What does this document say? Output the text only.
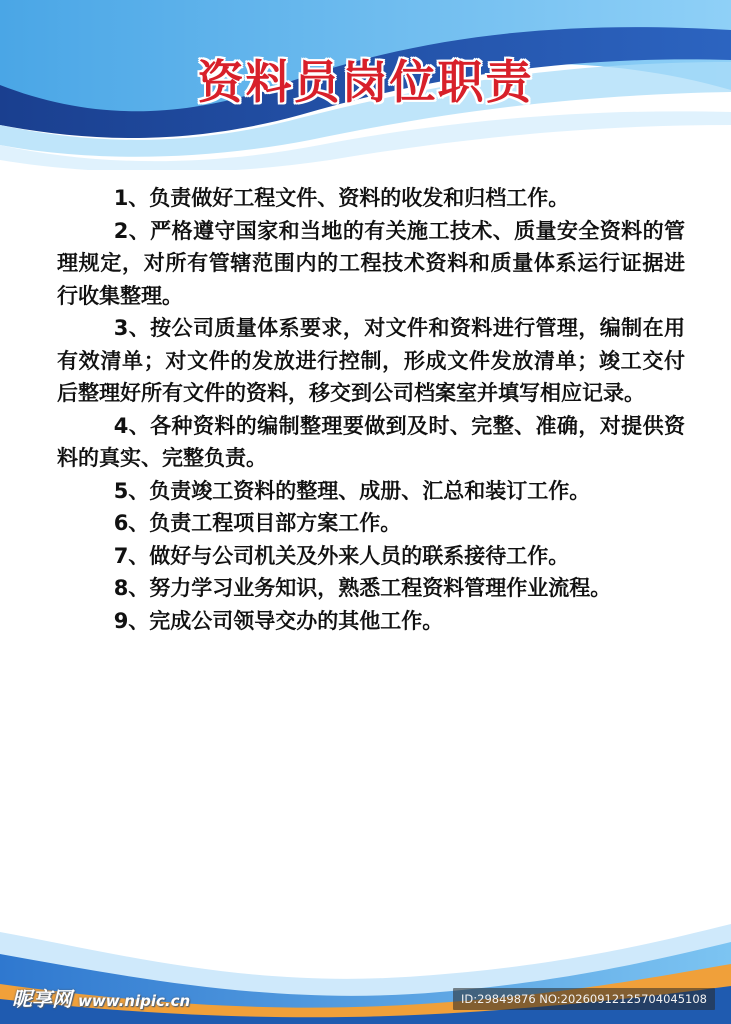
资料员岗位职责
1、负责做好工程文件、资料的收发和归档工作。
2、严格遵守国家和当地的有关施工技术、质量安全资料的管理规定，对所有管辖范围内的工程技术资料和质量体系运行证据进行收集整理。
3、按公司质量体系要求，对文件和资料进行管理，编制在用有效清单；对文件的发放进行控制，形成文件发放清单；竣工交付后整理好所有文件的资料，移交到公司档案室并填写相应记录。
4、各种资料的编制整理要做到及时、完整、准确，对提供资料的真实、完整负责。
5、负责竣工资料的整理、成册、汇总和装订工作。
6、负责工程项目部方案工作。
7、做好与公司机关及外来人员的联系接待工作。
8、努力学习业务知识，熟悉工程资料管理作业流程。
9、完成公司领导交办的其他工作。
昵享网 www.nipic.cn	ID:29849876 NO:20260912125704045108
